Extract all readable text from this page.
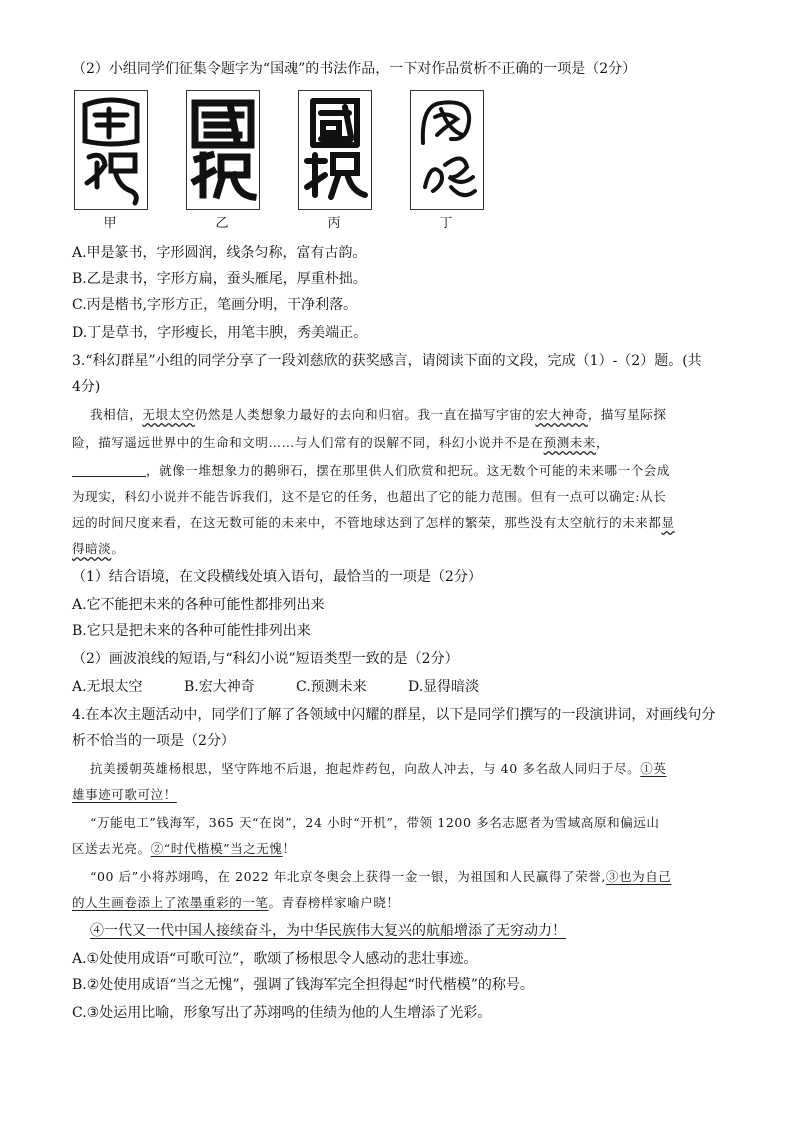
（2）小组同学们征集令题字为“国魂”的书法作品，一下对作品赏析不正确的一项是（2分）
甲	乙	丙	丁
A.甲是篆书，字形圆润，线条匀称，富有古韵。
B.乙是隶书，字形方扁，蚕头雁尾，厚重朴拙。
C.丙是楷书,字形方正，笔画分明，干净利落。
D.丁是草书，字形瘦长，用笔丰腴，秀美端正。
3.“科幻群星”小组的同学分享了一段刘慈欣的获奖感言，请阅读下面的文段，完成（1）-（2）题。(共
4分)
我相信，无垠太空仍然是人类想象力最好的去向和归宿。我一直在描写宇宙的宏大神奇，描写星际探
险，描写遥远世界中的生命和文明……与人们常有的误解不同，科幻小说并不是在预测未来，
，就像一堆想象力的鹅卵石，摆在那里供人们欣赏和把玩。这无数个可能的未来哪一个会成
为现实，科幻小说并不能告诉我们，这不是它的任务，也超出了它的能力范围。但有一点可以确定:从长
远的时间尺度来看，在这无数可能的未来中，不管地球达到了怎样的繁荣，那些没有太空航行的未来都显
得暗淡。
（1）结合语境，在文段横线处填入语句，最恰当的一项是（2分）
A.它不能把未来的各种可能性都排列出来
B.它只是把未来的各种可能性排列出来
（2）画波浪线的短语,与“科幻小说”短语类型一致的是（2分）
A.无垠太空	B.宏大神奇	C.预测未来	D.显得暗淡
4.在本次主题活动中，同学们了解了各领域中闪耀的群星，以下是同学们撰写的一段演讲词，对画线句分
析不恰当的一项是（2分）
抗美援朝英雄杨根思，坚守阵地不后退，抱起炸药包，向敌人冲去，与 40 多名敌人同归于尽。①英
雄事迹可歌可泣！
“万能电工”钱海军，365 天“在岗”，24 小时“开机”，带领 1200 多名志愿者为雪域高原和偏远山
区送去光亮。②“时代楷模”当之无愧！
“00 后”小将苏翊鸣，在 2022 年北京冬奥会上获得一金一银，为祖国和人民赢得了荣誉,③也为自己
的人生画卷添上了浓墨重彩的一笔。青春榜样家喻户晓！
④一代又一代中国人接续奋斗，为中华民族伟大复兴的航船增添了无穷动力！
A.①处使用成语“可歌可泣”，歌颂了杨根思令人感动的悲壮事迹。
B.②处使用成语“当之无愧”，强调了钱海军完全担得起“时代楷模”的称号。
C.③处运用比喻，形象写出了苏翊鸣的佳绩为他的人生增添了光彩。
